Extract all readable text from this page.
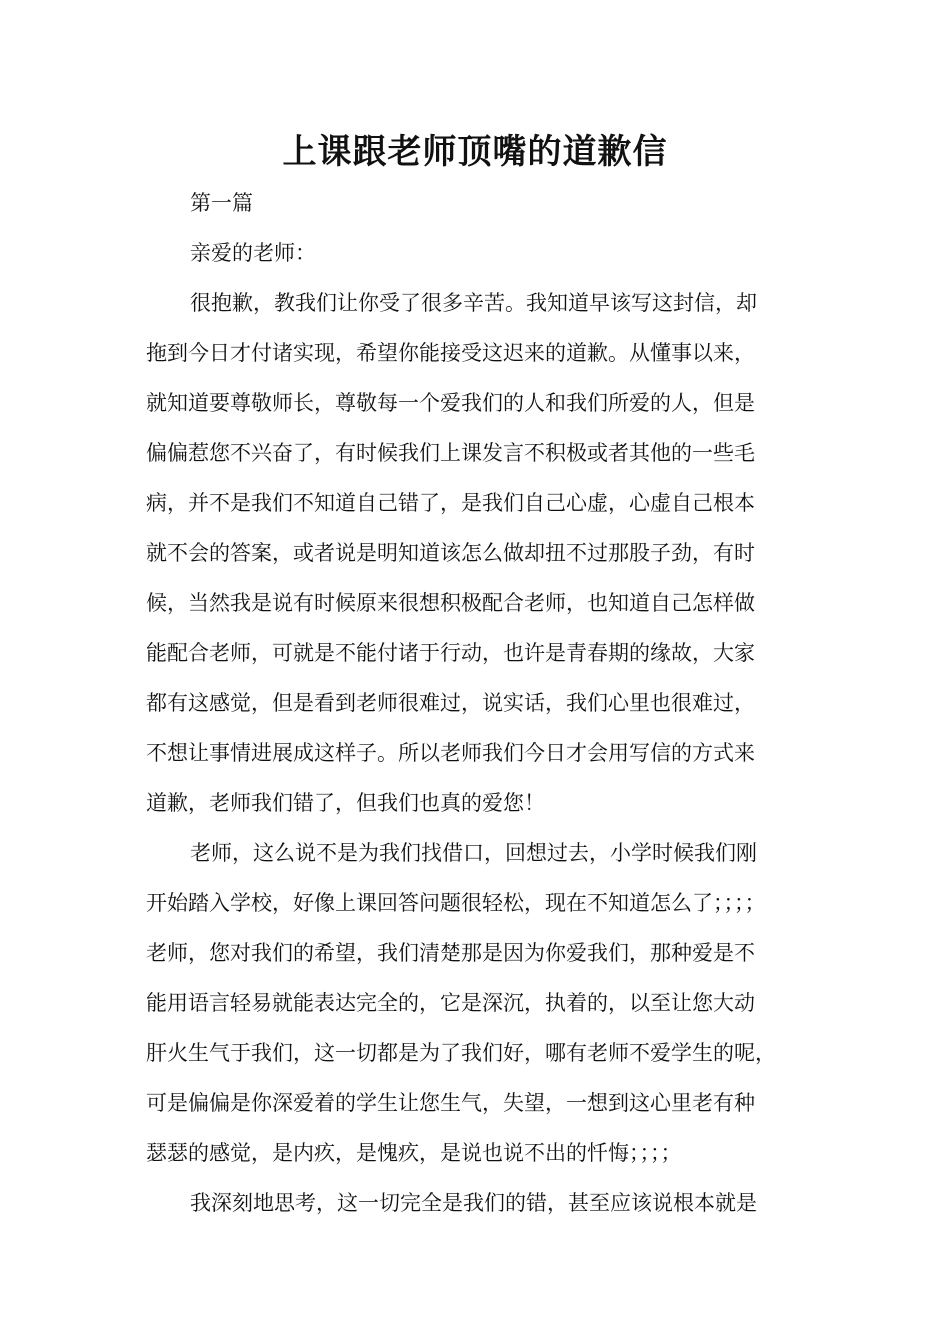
上课跟老师顶嘴的道歉信
第一篇
亲爱的老师：
很抱歉，教我们让你受了很多辛苦。我知道早该写这封信，却
拖到今日才付诸实现，希望你能接受这迟来的道歉。从懂事以来，
就知道要尊敬师长，尊敬每一个爱我们的人和我们所爱的人，但是
偏偏惹您不兴奋了，有时候我们上课发言不积极或者其他的一些毛
病，并不是我们不知道自己错了，是我们自己心虚，心虚自己根本
就不会的答案，或者说是明知道该怎么做却扭不过那股子劲，有时
候，当然我是说有时候原来很想积极配合老师，也知道自己怎样做
能配合老师，可就是不能付诸于行动，也许是青春期的缘故，大家
都有这感觉，但是看到老师很难过，说实话，我们心里也很难过，
不想让事情进展成这样子。所以老师我们今日才会用写信的方式来
道歉，老师我们错了，但我们也真的爱您！
老师，这么说不是为我们找借口，回想过去，小学时候我们刚
开始踏入学校，好像上课回答问题很轻松，现在不知道怎么了；；；；
老师，您对我们的希望，我们清楚那是因为你爱我们，那种爱是不
能用语言轻易就能表达完全的，它是深沉，执着的，以至让您大动
肝火生气于我们，这一切都是为了我们好，哪有老师不爱学生的呢，
可是偏偏是你深爱着的学生让您生气，失望，一想到这心里老有种
瑟瑟的感觉，是内疚，是愧疚，是说也说不出的忏悔；；；；
我深刻地思考，这一切完全是我们的错，甚至应该说根本就是
